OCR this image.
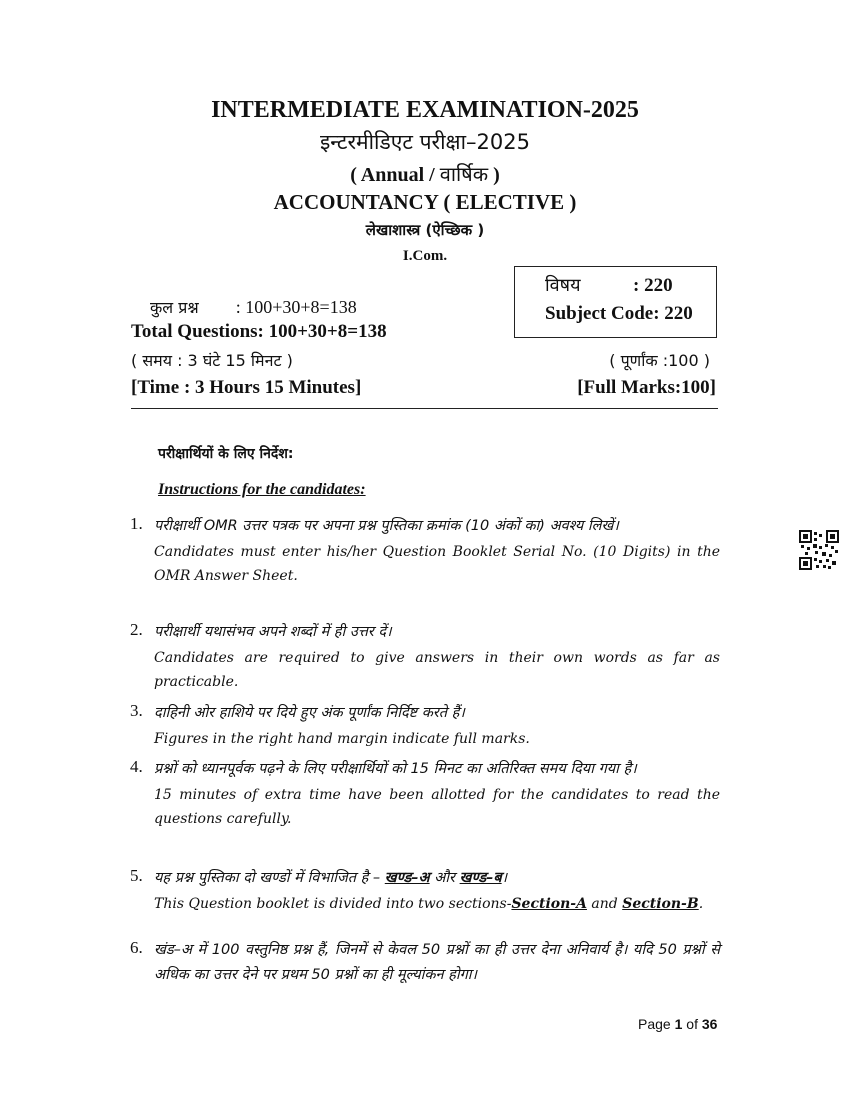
INTERMEDIATE EXAMINATION-2025
इन्टरमीडिएट परीक्षा–2025
( Annual / वार्षिक )
ACCOUNTANCY ( ELECTIVE )
लेखाशास्त्र (ऐच्छिक )
I.Com.
विषय	: 220
Subject Code: 220
कुल प्रश्न : 100+30+8=138
Total Questions: 100+30+8=138
( समय : 3 घंटे 15 मिनट )	( पूर्णांक :100 )
[Time : 3 Hours 15 Minutes]	[Full Marks:100]
परीक्षार्थियों के लिए निर्देश:
Instructions for the candidates:
1. परीक्षार्थी OMR उत्तर पत्रक पर अपना प्रश्न पुस्तिका क्रमांक (10 अंकों का) अवश्य लिखें।
Candidates must enter his/her Question Booklet Serial No. (10 Digits) in the OMR Answer Sheet.
2. परीक्षार्थी यथासंभव अपने शब्दों में ही उत्तर दें।
Candidates are required to give answers in their own words as far as practicable.
3. दाहिनी ओर हाशिये पर दिये हुए अंक पूर्णांक निर्दिष्ट करते हैं।
Figures in the right hand margin indicate full marks.
4. प्रश्नों को ध्यानपूर्वक पढ़ने के लिए परीक्षार्थियों को 15 मिनट का अतिरिक्त समय दिया गया है।
15 minutes of extra time have been allotted for the candidates to read the questions carefully.
5. यह प्रश्न पुस्तिका दो खण्डों में विभाजित है – खण्ड–अ और खण्ड–ब।
This Question booklet is divided into two sections-Section-A and Section-B.
6. खंड–अ में 100 वस्तुनिष्ठ प्रश्न हैं, जिनमें से केवल 50 प्रश्नों का ही उत्तर देना अनिवार्य है। यदि 50 प्रश्नों से अधिक का उत्तर देने पर प्रथम 50 प्रश्नों का ही मूल्यांकन होगा।
Page 1 of 36
